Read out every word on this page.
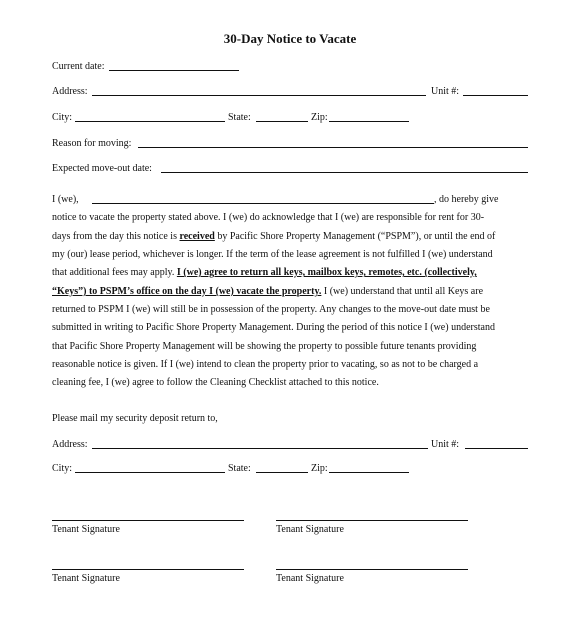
30-Day Notice to Vacate
Current date:
Address:	Unit #:
City:	State:	Zip:
Reason for moving:
Expected move-out date:
I (we),	, do hereby give
notice to vacate the property stated above. I (we) do acknowledge that I (we) are responsible for rent for 30-
days from the day this notice is received by Pacific Shore Property Management (“PSPM”), or until the end of
my (our) lease period, whichever is longer. If the term of the lease agreement is not fulfilled I (we) understand
that additional fees may apply. I (we) agree to return all keys, mailbox keys, remotes, etc. (collectively,
“Keys”) to PSPM’s office on the day I (we) vacate the property. I (we) understand that until all Keys are
returned to PSPM I (we) will still be in possession of the property. Any changes to the move-out date must be
submitted in writing to Pacific Shore Property Management. During the period of this notice I (we) understand
that Pacific Shore Property Management will be showing the property to possible future tenants providing
reasonable notice is given. If I (we) intend to clean the property prior to vacating, so as not to be charged a
cleaning fee, I (we) agree to follow the Cleaning Checklist attached to this notice.
Please mail my security deposit return to,
Address:	Unit #:
City:	State:	Zip:
Tenant Signature	Tenant Signature
Tenant Signature	Tenant Signature
